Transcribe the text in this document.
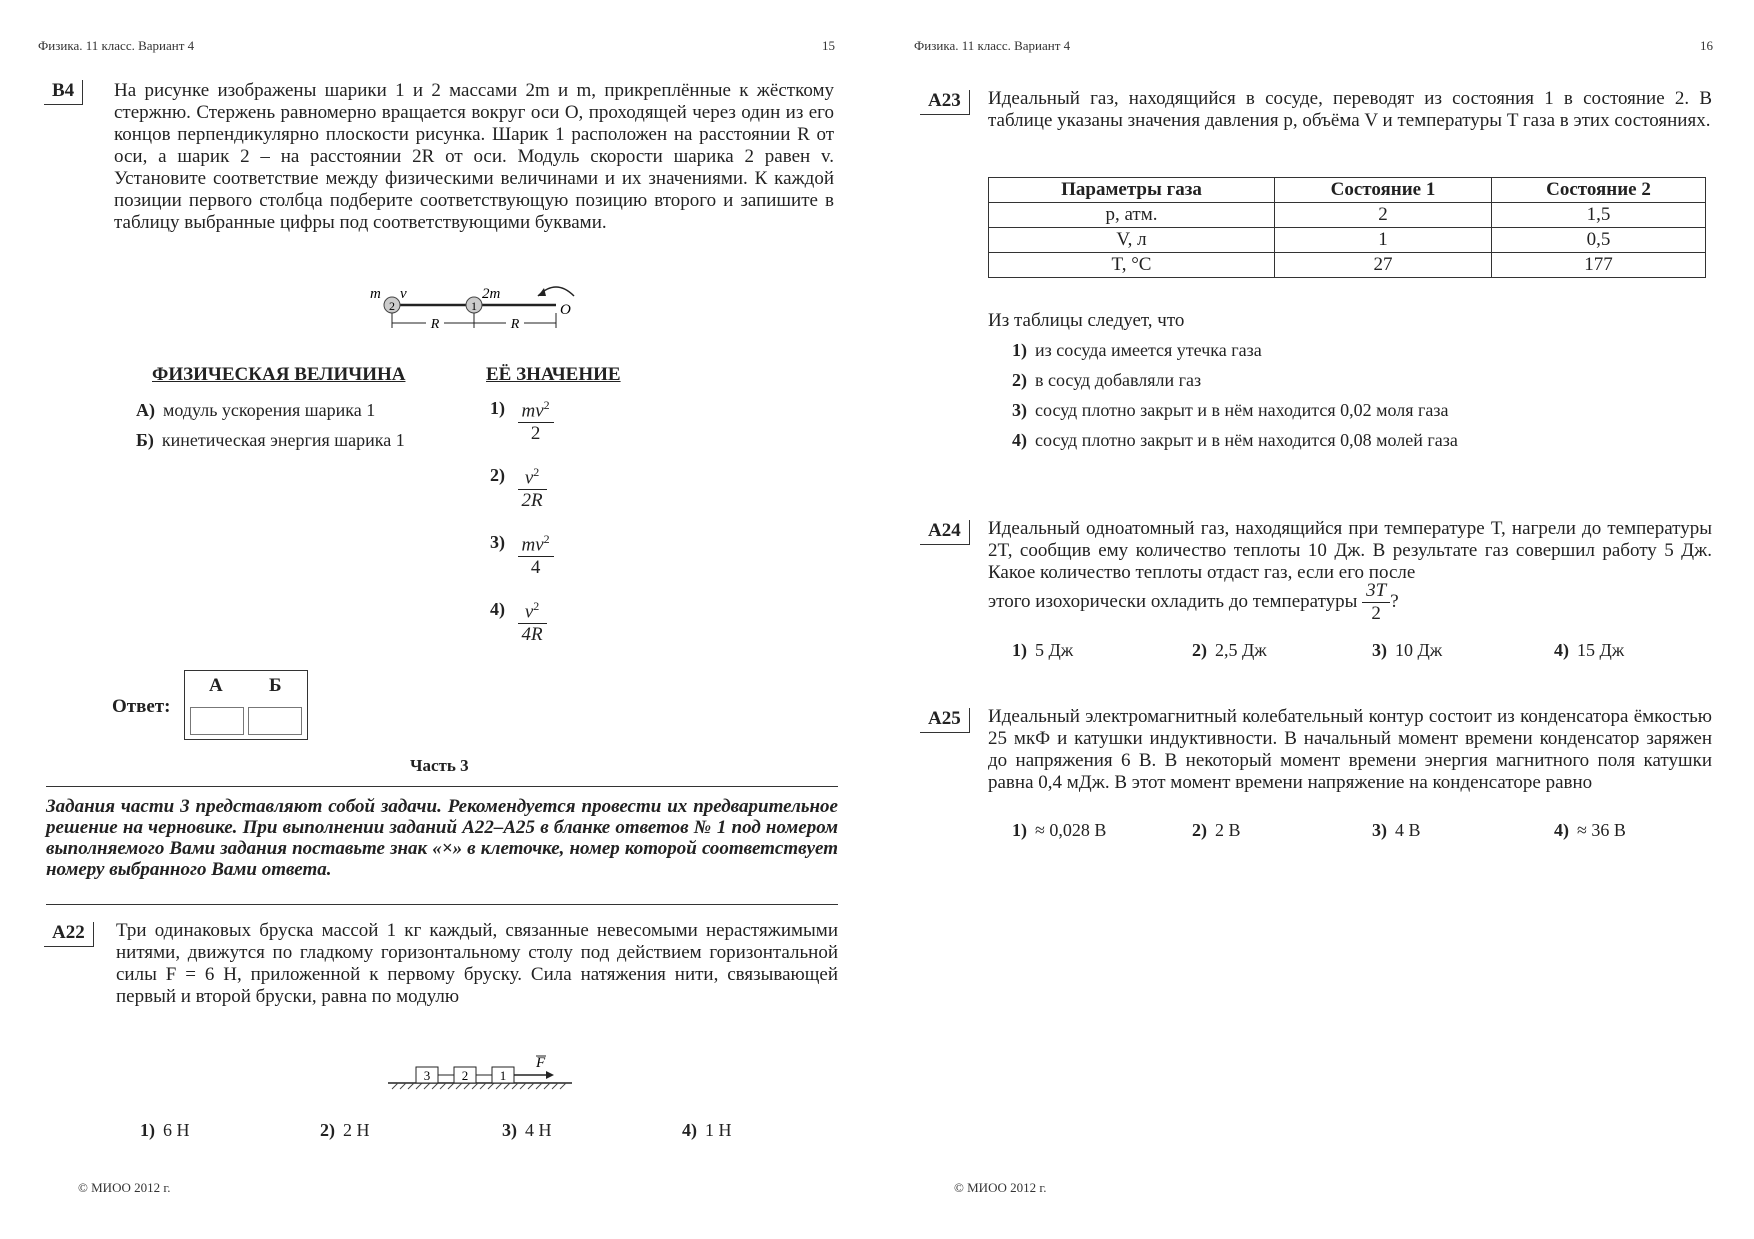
Физика. 11 класс. Вариант 4	15
B4	На рисунке изображены шарики 1 и 2 массами 2m и m, прикреплённые к жёсткому стержню. Стержень равномерно вращается вокруг оси O, проходящей через один из его концов перпендикулярно плоскости рисунка. Шарик 1 расположен на расстоянии R от оси, а шарик 2 – на расстоянии 2R от оси. Модуль скорости шарика 2 равен v. Установите соответствие между физическими величинами и их значениями. К каждой позиции первого столбца подберите соответствующую позицию второго и запишите в таблицу выбранные цифры под соответствующими буквами.
2	1
m v	2m
O
R	R
ФИЗИЧЕСКАЯ ВЕЛИЧИНА	ЕЁ ЗНАЧЕНИЕ
А) модуль ускорения шарика 1
Б) кинетическая энергия шарика 1
$1) \frac{mv^2}{2}$
$2) \frac{v^2}{2R}$
$3) \frac{mv^2}{4}$
$4) \frac{v^2}{4R}$
Ответ:
А Б
Часть 3
Задания части 3 представляют собой задачи. Рекомендуется провести их предварительное решение на черновике. При выполнении заданий А22–А25 в бланке ответов № 1 под номером выполняемого Вами задания поставьте знак «×» в клеточке, номер которой соответствует номеру выбранного Вами ответа.
А22	Три одинаковых бруска массой 1 кг каждый, связанные невесомыми нерастяжимыми нитями, движутся по гладкому горизонтальному столу под действием горизонтальной силы F = 6 Н, приложенной к первому бруску. Сила натяжения нити, связывающей первый и второй бруски, равна по модулю
3 2 1
F
1) 6 Н	2) 2 Н	3) 4 Н	4) 1 Н
© МИОО 2012 г.
Физика. 11 класс. Вариант 4	16
А23	Идеальный газ, находящийся в сосуде, переводят из состояния 1 в состояние 2. В таблице указаны значения давления p, объёма V и температуры T газа в этих состояниях.
Параметры газа	Состояние 1	Состояние 2
p, атм.	2	1,5
V, л	1	0,5
T, °C	27	177
Из таблицы следует, что
1) из сосуда имеется утечка газа
2) в сосуд добавляли газ
3) сосуд плотно закрыт и в нём находится 0,02 моля газа
4) сосуд плотно закрыт и в нём находится 0,08 молей газа
А24	Идеальный одноатомный газ, находящийся при температуре T, нагрели до температуры 2T, сообщив ему количество теплоты 10 Дж. В результате газ совершил работу 5 Дж. Какое количество теплоты отдаст газ, если его после
этого изохорически охладить до температуры $\frac{3T}{2}$ ?
1) 5 Дж	2) 2,5 Дж	3) 10 Дж	4) 15 Дж
А25	Идеальный электромагнитный колебательный контур состоит из конденсатора ёмкостью 25 мкФ и катушки индуктивности. В начальный момент времени конденсатор заряжен до напряжения 6 В. В некоторый момент времени энергия магнитного поля катушки равна 0,4 мДж. В этот момент времени напряжение на конденсаторе равно
1) ≈ 0,028 В	2) 2 В	3) 4 В	4) ≈ 36 В
© МИОО 2012 г.
